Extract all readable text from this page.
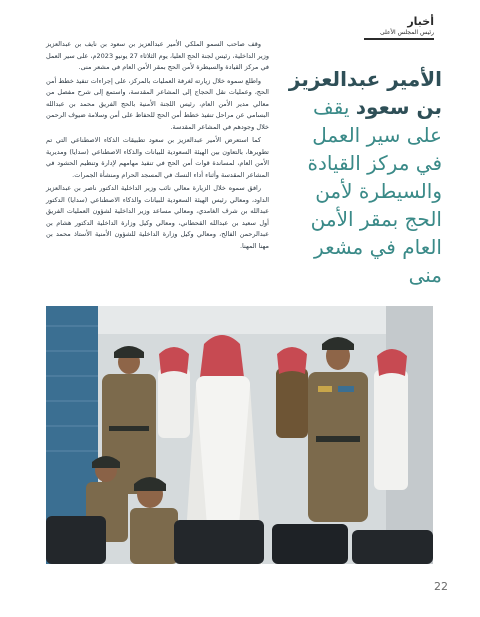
أخبار
رئيس المجلس الأعلى
الأمير عبدالعزيز بن سعود يقف على سير العمل في مركز القيادة والسيطرة لأمن الحج بمقر الأمن العام في مشعر منى

وقف صاحب السمو الملكي الأمير عبدالعزيز بن سعود بن نايف بن عبدالعزيز وزير الداخلية، رئيس لجنة الحج العليا، يوم الثلاثاء 27 يونيو 2023م، على سير العمل في مركز القيادة والسيطرة لأمن الحج بمقر الأمن العام في مشعر منى.

واطلع سموه خلال زيارته لغرفة العمليات بالمركز، على إجراءات تنفيذ خطط أمن الحج، وعمليات نقل الحجاج إلى المشاعر المقدسة، واستمع إلى شرح مفصل من معالي مدير الأمن العام، رئيس اللجنة الأمنية بالحج الفريق محمد بن عبدالله البسامي عن مراحل تنفيذ خطط أمن الحج للحفاظ على أمن وسلامة ضيوف الرحمن خلال وجودهم في المشاعر المقدسة.

كما استعرض الأمير عبدالعزيز بن سعود تطبيقات الذكاء الاصطناعي التي تم تطويرها، بالتعاون بين الهيئة السعودية للبيانات والذكاء الاصطناعي (سدايا) ومديرية الأمن العام، لمساندة قوات أمن الحج في تنفيذ مهامهم لإدارة وتنظيم الحشود في المشاعر المقدسة وأثناء أداء النسك في المسجد الحرام ومنشأة الجمرات.

رافق سموه خلال الزيارة معالي نائب وزير الداخلية الدكتور ناصر بن عبدالعزيز الداود، ومعالي رئيس الهيئة السعودية للبيانات والذكاء الاصطناعي (سدايا) الدكتور عبدالله بن شرف الغامدي، ومعالي مساعد وزير الداخلية لشؤون العمليات الفريق أول سعيد بن عبدالله القحطاني، ومعالي وكيل وزارة الداخلية الدكتور هشام بن عبدالرحمن الفالح، ومعالي وكيل وزارة الداخلية للشؤون الأمنية الأستاذ محمد بن مهنا المهنا.

22
